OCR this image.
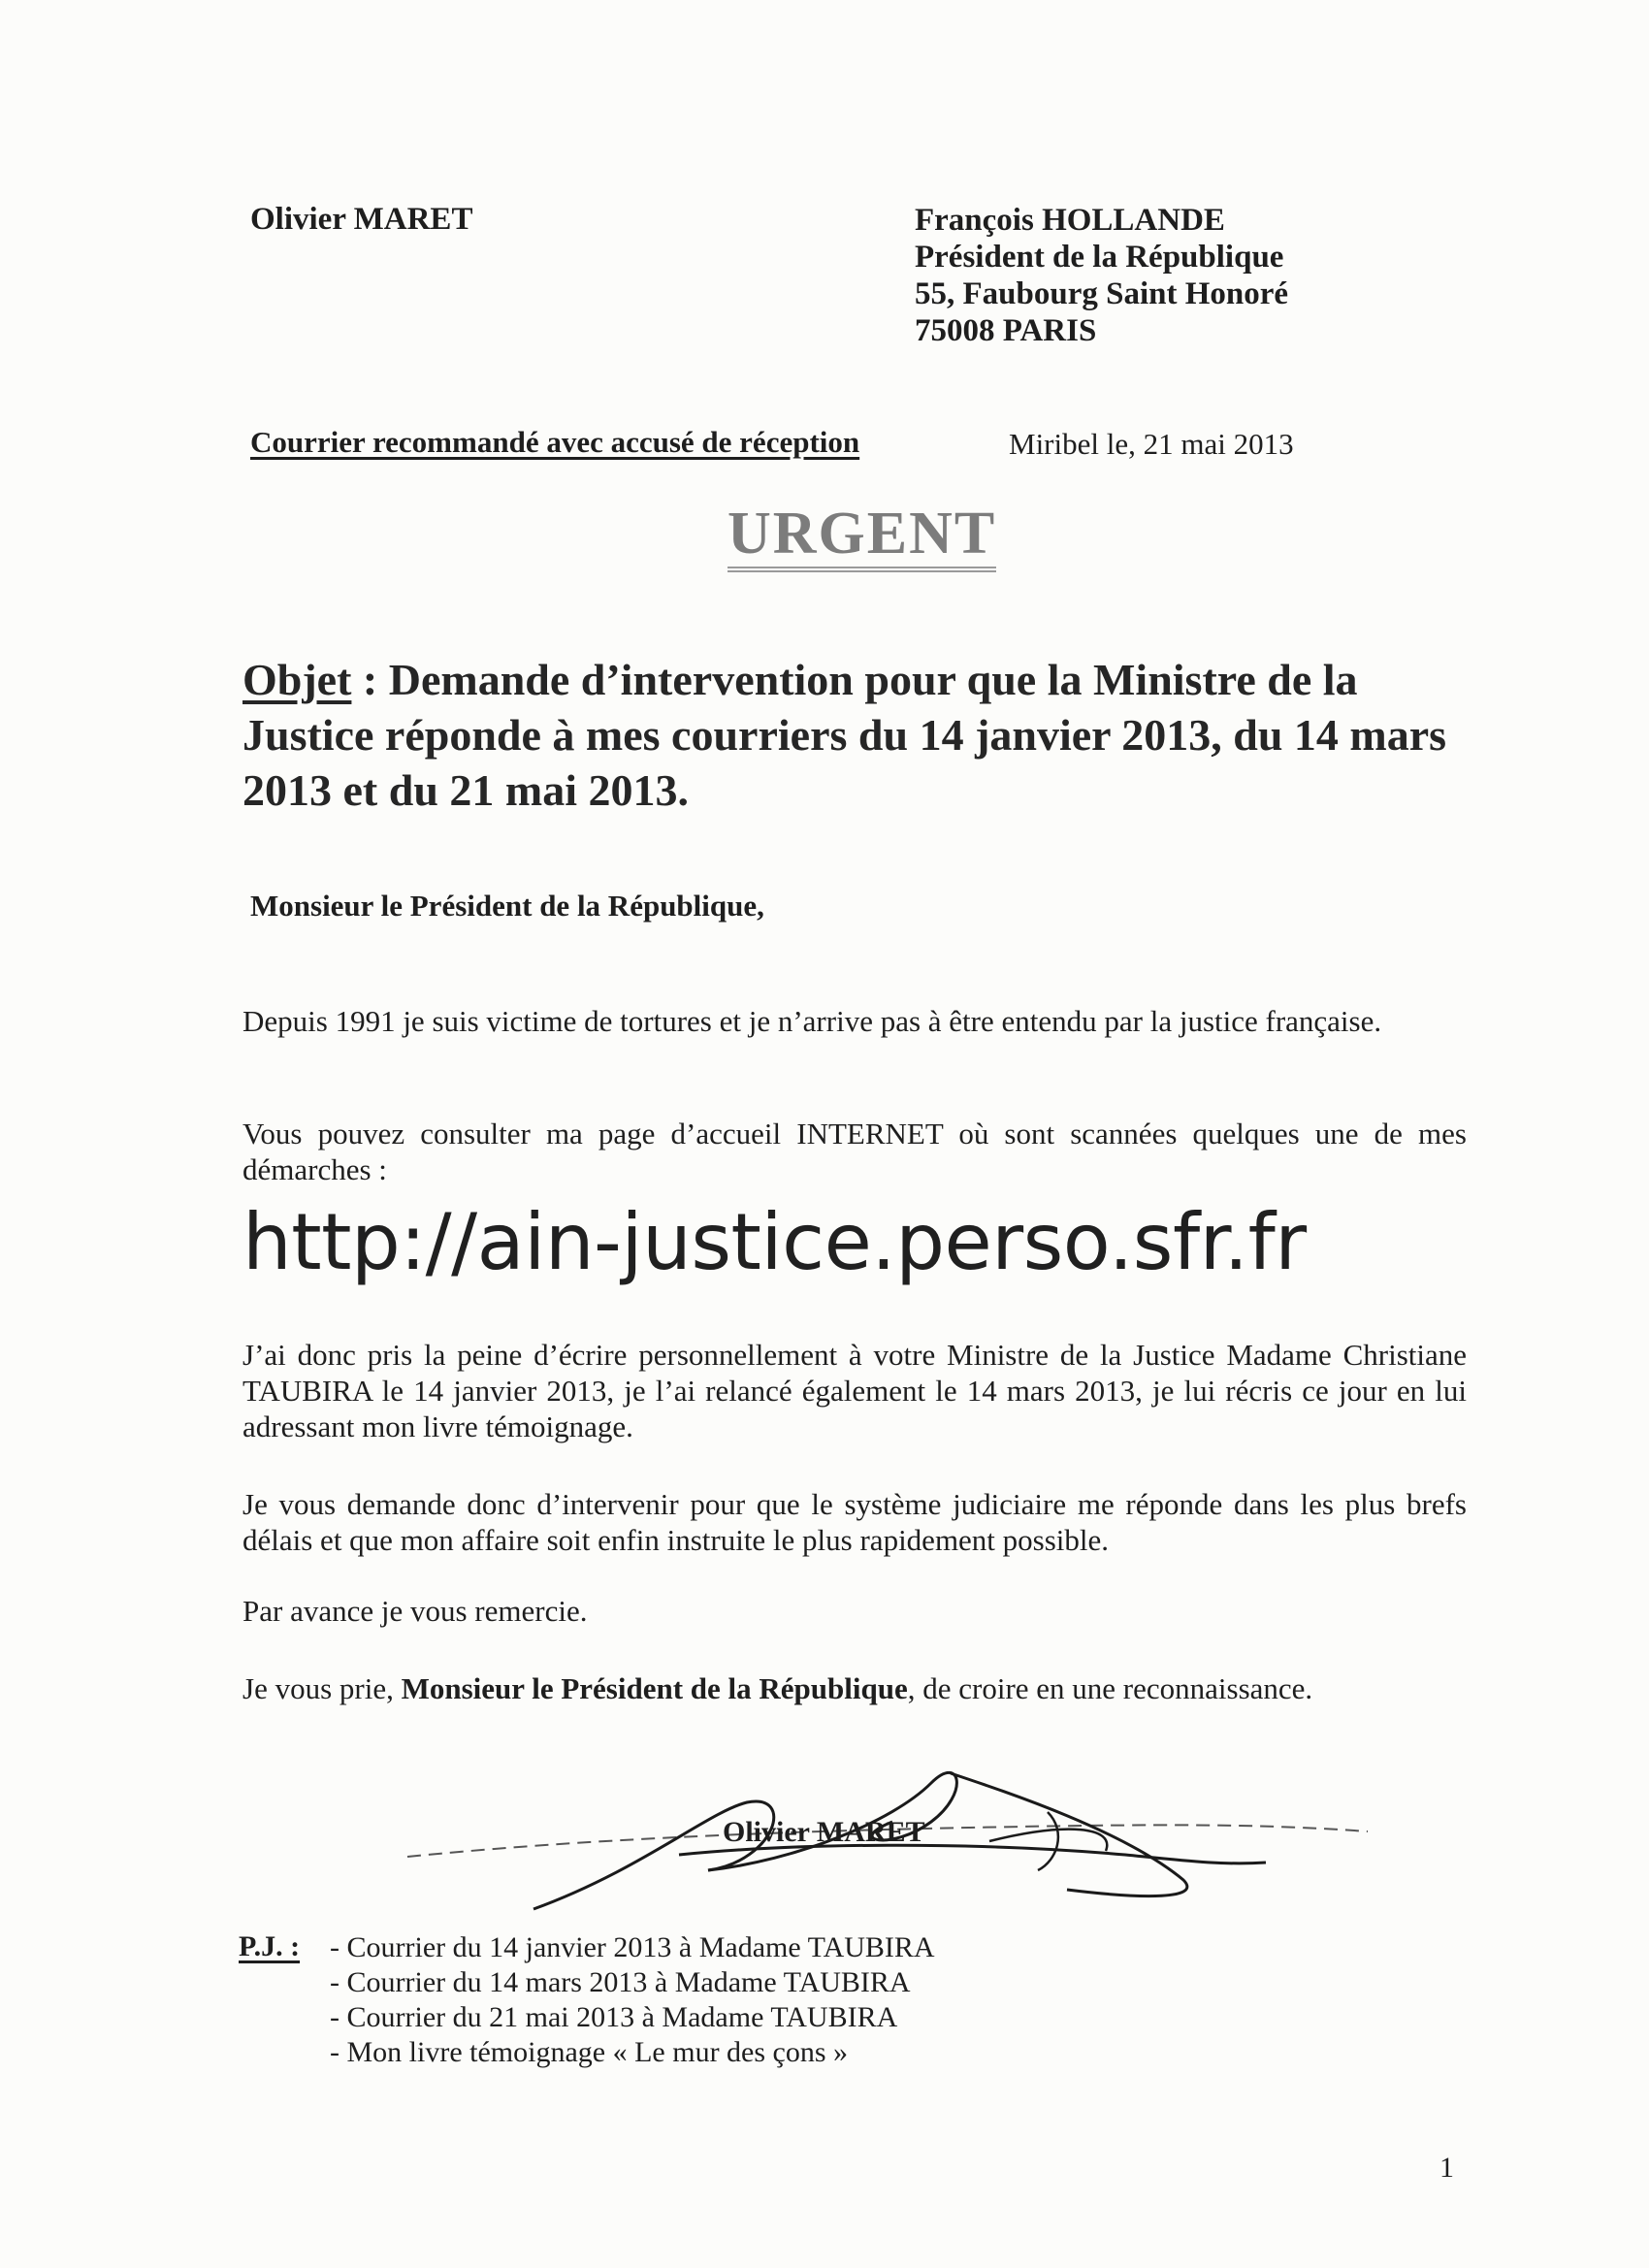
Olivier MARET	François HOLLANDE
Président de la République
55, Faubourg Saint Honoré
75008 PARIS
Courrier recommandé avec accusé de réception	Miribel le, 21 mai 2013
URGENT
Objet : Demande d’intervention pour que la Ministre de la Justice réponde à mes courriers du 14 janvier 2013, du 14 mars 2013 et du 21 mai 2013.
Monsieur le Président de la République,
Depuis 1991 je suis victime de tortures et je n’arrive pas à être entendu par la justice française.
Vous pouvez consulter ma page d’accueil INTERNET où sont scannées quelques une de mes démarches :
http://ain-justice.perso.sfr.fr
J’ai donc pris la peine d’écrire personnellement à votre Ministre de la Justice Madame Christiane TAUBIRA le 14 janvier 2013, je l’ai relancé également le 14 mars 2013, je lui récris ce jour en lui adressant mon livre témoignage.
Je vous demande donc d’intervenir pour que le système judiciaire me réponde dans les plus brefs délais et que mon affaire soit enfin instruite le plus rapidement possible.
Par avance je vous remercie.
Je vous prie, Monsieur le Président de la République, de croire en une reconnaissance.
Olivier MARET
P.J. : - Courrier du 14 janvier 2013 à Madame TAUBIRA
- Courrier du 14 mars 2013 à Madame TAUBIRA
- Courrier du 21 mai 2013 à Madame TAUBIRA
- Mon livre témoignage « Le mur des çons »
1
